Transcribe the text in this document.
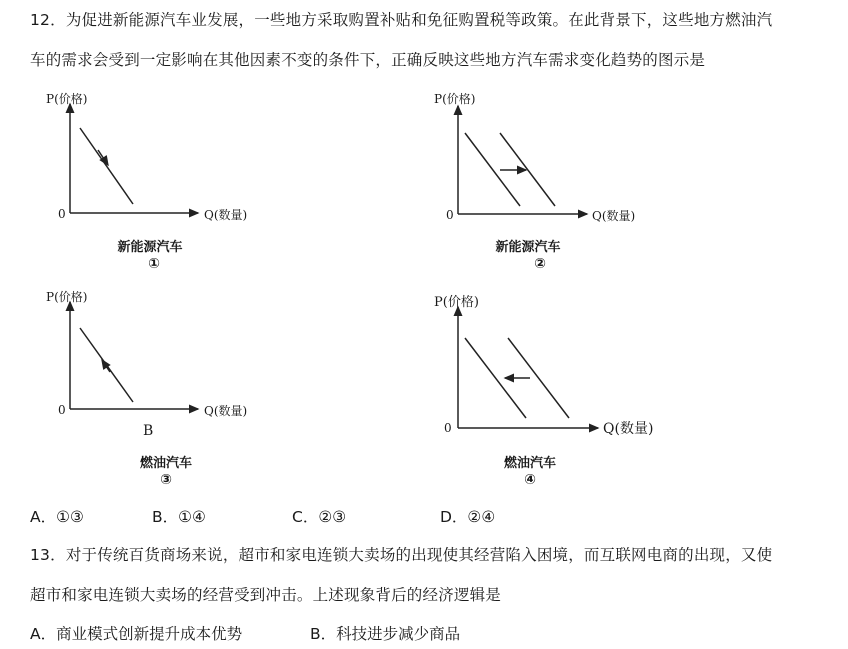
12．为促进新能源汽车业发展，一些地方采取购置补贴和免征购置税等政策。在此背景下，这些地方燃油汽
车的需求会受到一定影响在其他因素不变的条件下，正确反映这些地方汽车需求变化趋势的图示是
P(价格)
Q(数量)
0
新能源汽车
①
P(价格)
Q(数量)
0
新能源汽车
②
P(价格)
Q(数量)
0
B
燃油汽车
③
P(价格)
Q(数量)
0
燃油汽车
④
A．①③	B．①④	C．②③	D．②④
13．对于传统百货商场来说，超市和家电连锁大卖场的出现使其经营陷入困境，而互联网电商的出现，又使
超市和家电连锁大卖场的经营受到冲击。上述现象背后的经济逻辑是
A．商业模式创新提升成本优势	B．科技进步减少商品
